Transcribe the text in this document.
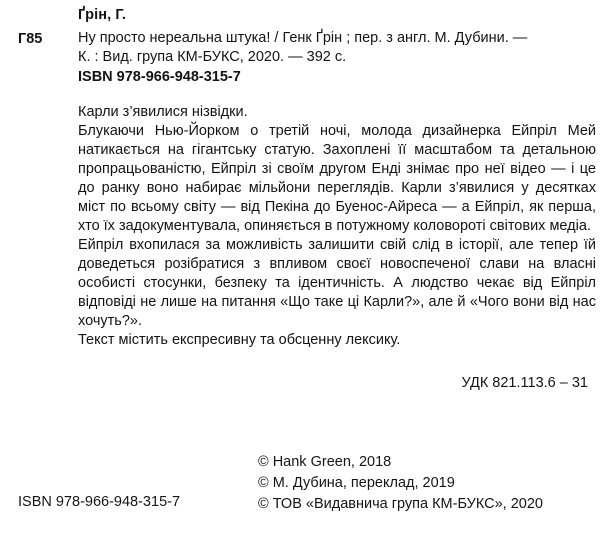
Ґрін, Г.
Г85 Ну просто нереальна штука! / Генк Ґрін ; пер. з англ. М. Дубини. —
К. : Вид. група КМ-БУКС, 2020. — 392 с.
ISBN 978-966-948-315-7

Карли з’явилися нізвідки.

Блукаючи Нью-Йорком о третій ночі, молода дизайнерка Ейпріл Мей натикається на гігантську статую. Захоплені її масштабом та детальною пропрацьованістю, Ейпріл зі своїм другом Енді знімає про неї відео — і це до ранку воно набирає мільйони переглядів. Карли з’явилися у десятках міст по всьому світу — від Пекіна до Буенос-Айреса — а Ейпріл, як перша, хто їх задокументувала, опиняється в потужному коловороті світових медіа.

Ейпріл вхопилася за можливість залишити свій слід в історії, але тепер їй доведеться розібратися з впливом своєї новоспеченої слави на власні особисті стосунки, безпеку та ідентичність. А людство чекає від Ейпріл відповіді не лише на питання «Що таке ці Карли?», але й «Чого вони від нас хочуть?».

Текст містить експресивну та обсценну лексику.

УДК 821.113.6 – 31
© Hank Green, 2018
© М. Дубина, переклад, 2019
© ТОВ «Видавнича група КМ-БУКС», 2020
ISBN 978-966-948-315-7
